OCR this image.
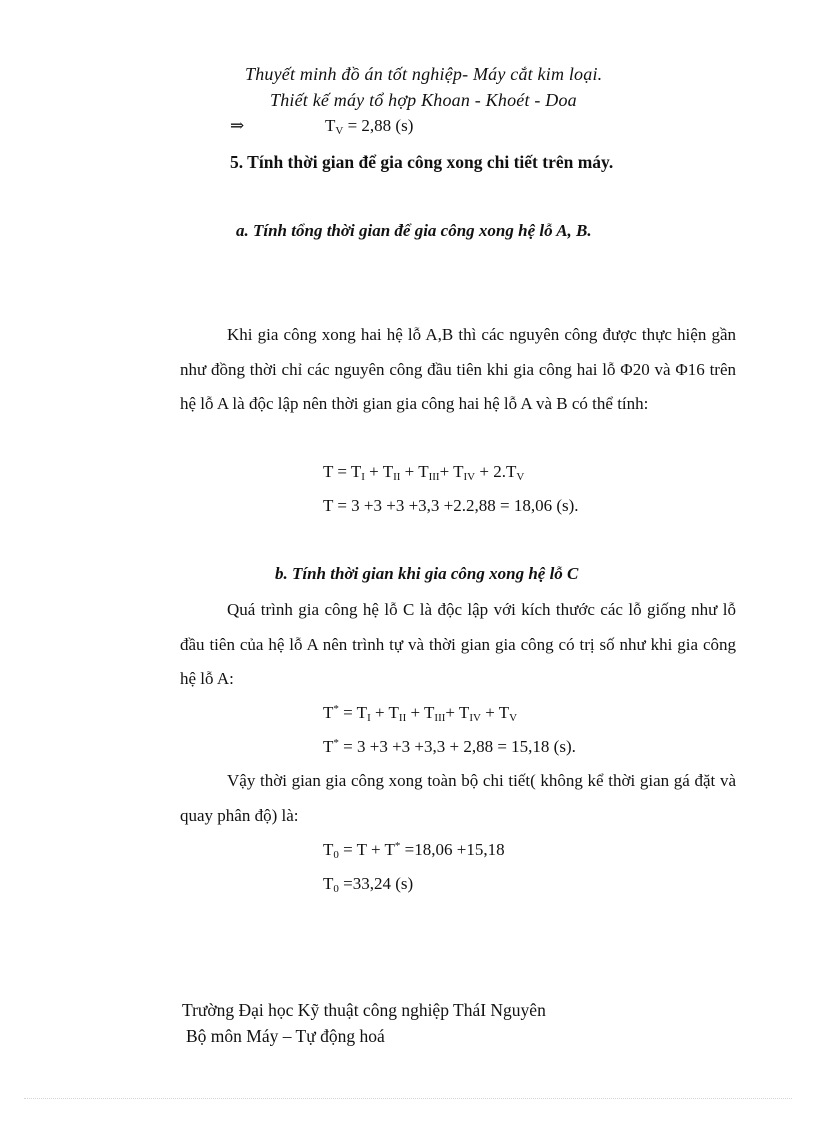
Thuyết minh đồ án tốt nghiệp- Máy cắt kim loại.
Thiết kế máy tổ hợp Khoan - Khoét - Doa
⇒	$T_V = 2,88$ (s)
5. Tính thời gian để gia công xong chi tiết trên máy.
a. Tính tổng thời gian để gia công xong hệ lỗ A, B.
Khi gia công xong hai hệ lỗ A,B thì các nguyên công được thực hiện gần như đồng thời chỉ các nguyên công đầu tiên khi gia công hai lỗ Φ20 và Φ16 trên hệ lỗ A là độc lập nên thời gian gia công hai hệ lỗ A và B có thể tính:
$T = T_I + T_{II} + T_{III}+ T_{IV} + 2.T_V$
T = 3 +3 +3 +3,3 +2.2,88 = 18,06 (s).
b. Tính thời gian khi gia công xong hệ lỗ C
Quá trình gia công hệ lỗ C là độc lập với kích thước các lỗ giống như lỗ đầu tiên của hệ lỗ A nên trình tự và thời gian gia công có trị số như khi gia công hệ lỗ A:
$T^* = T_I + T_{II} + T_{III}+ T_{IV} + T_V$
T* = 3 +3 +3 +3,3 + 2,88 = 15,18 (s).
Vậy thời gian gia công xong toàn bộ chi tiết( không kể thời gian gá đặt và quay phân độ) là:
$T_0 = T + T^* =18,06 +15,18$
$T_0 =33,24$ (s)
Trường Đại học Kỹ thuật công nghiệp TháI Nguyên
Bộ môn Máy – Tự động hoá
